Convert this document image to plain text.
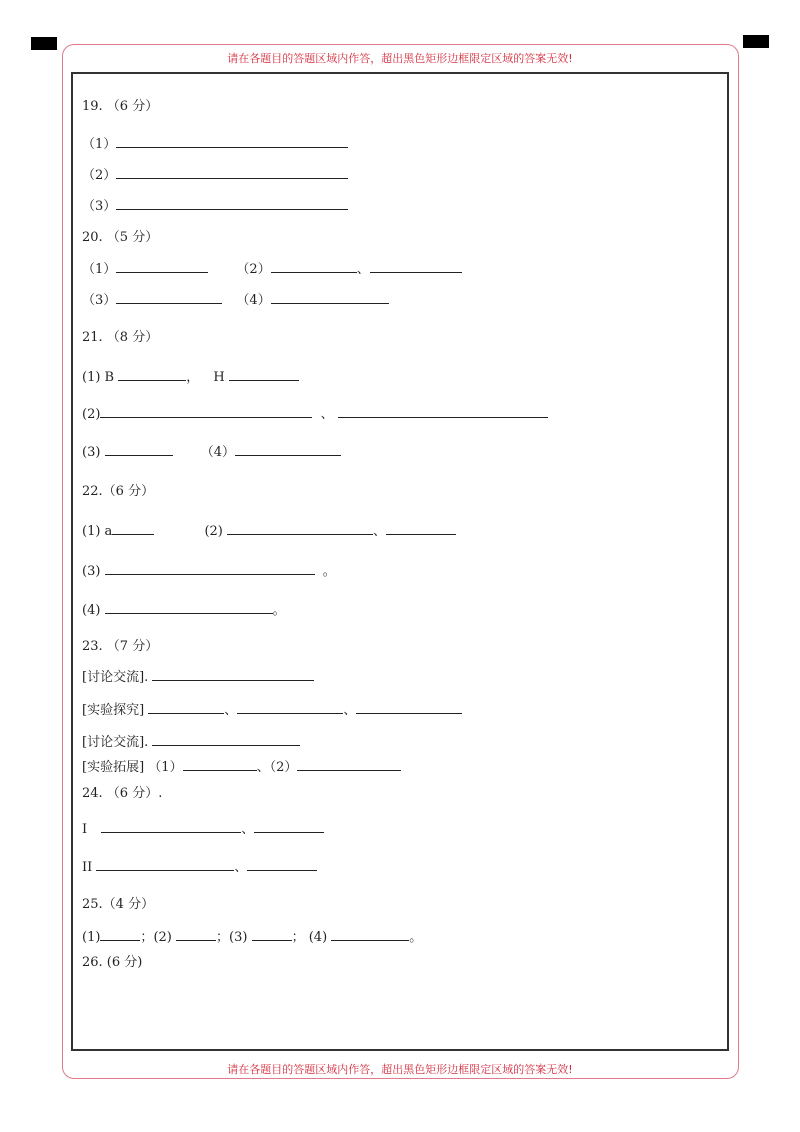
请在各题目的答题区域内作答，超出黑色矩形边框限定区域的答案无效!
请在各题目的答题区域内作答，超出黑色矩形边框限定区域的答案无效!
19. （6 分）
（1）
（2）
（3）
20. （5 分）
（1）	（2）	、
（3）	（4）
21. （8 分）
(1) B	， H
(2)	、
(3)	（4）
22.（6 分）
(1) a	(2)	、
(3)	。
(4)	。
23. （7 分）
[讨论交流].
[实验探究]	、	、
[讨论交流].
[实验拓展] （1）	、（2）
24. （6 分）.
I	、
II	、
25.（4 分）
(1)	；(2)	；(3)	； (4)	。
26. (6 分)
